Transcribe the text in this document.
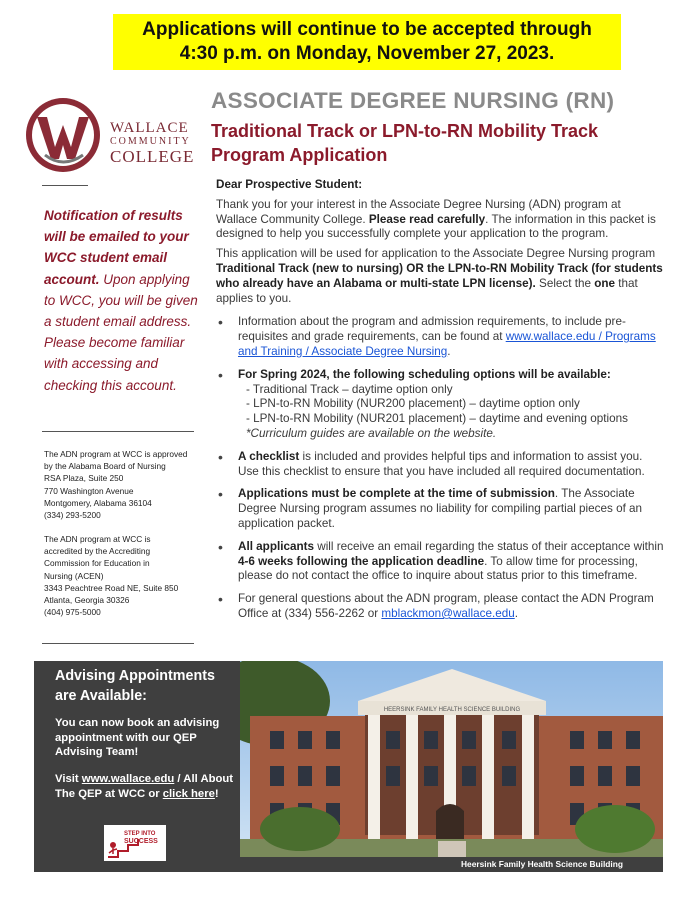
Applications will continue to be accepted through
4:30 p.m. on Monday, November 27, 2023.
WALLACE
COMMUNITY
COLLEGE
ASSOCIATE DEGREE NURSING (RN)
Traditional Track or LPN-to-RN Mobility Track
Program Application
Notification of results will be emailed to your WCC student email account. Upon applying to WCC, you will be given a student email address. Please become familiar with accessing and checking this account.
The ADN program at WCC is approved
by the Alabama Board of Nursing
RSA Plaza, Suite 250
770 Washington Avenue
Montgomery, Alabama 36104
(334) 293-5200
The ADN program at WCC is
accredited by the Accrediting
Commission for Education in
Nursing (ACEN)
3343 Peachtree Road NE, Suite 850
Atlanta, Georgia 30326
(404) 975-5000

Dear Prospective Student:

Thank you for your interest in the Associate Degree Nursing (ADN) program at Wallace Community College. Please read carefully. The information in this packet is designed to help you successfully complete your application to the program.

This application will be used for application to the Associate Degree Nursing program Traditional Track (new to nursing) OR the LPN-to-RN Mobility Track (for students who already have an Alabama or multi-state LPN license). Select the one that applies to you.

• Information about the program and admission requirements, to include pre-requisites and grade requirements, can be found at www.wallace.edu / Programs and Training / Associate Degree Nursing.
• For Spring 2024, the following scheduling options will be available:
- Traditional Track – daytime option only
- LPN-to-RN Mobility (NUR200 placement) – daytime option only
- LPN-to-RN Mobility (NUR201 placement) – daytime and evening options
*Curriculum guides are available on the website.
• A checklist is included and provides helpful tips and information to assist you. Use this checklist to ensure that you have included all required documentation.
• Applications must be complete at the time of submission. The Associate Degree Nursing program assumes no liability for compiling partial pieces of an application packet.
• All applicants will receive an email regarding the status of their acceptance within 4-6 weeks following the application deadline. To allow time for processing, please do not contact the office to inquire about status prior to this timeframe.
• For general questions about the ADN program, please contact the ADN Program Office at (334) 556-2262 or mblackmon@wallace.edu.
Advising Appointments are Available:

You can now book an advising appointment with our QEP Advising Team!

Visit www.wallace.edu / All About The QEP at WCC or click here!

STEP INTO
SUCCESS
HEERSINK FAMILY HEALTH SCIENCE BUILDING
Heersink Family Health Science Building
